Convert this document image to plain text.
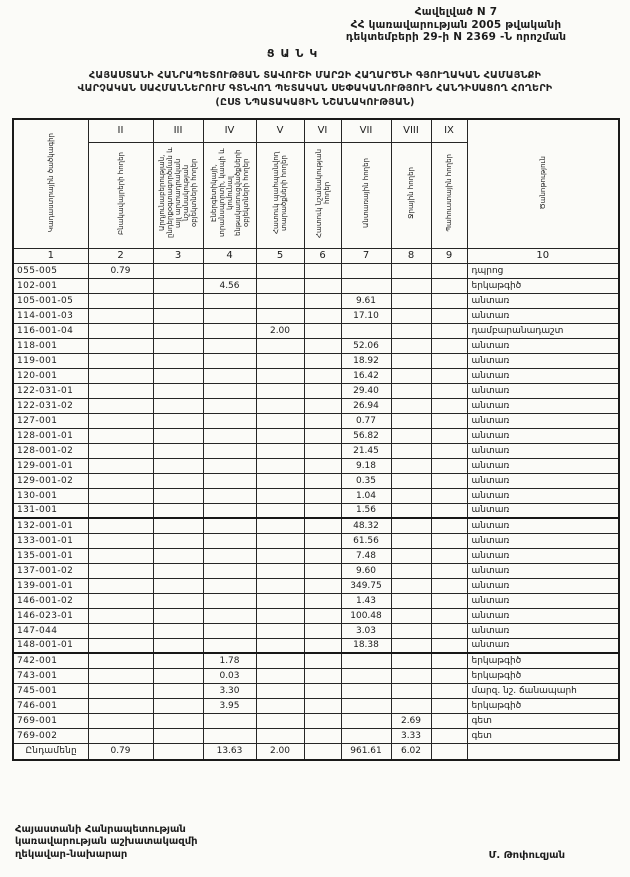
Հավելված N 7
ՀՀ կառավարության 2005 թվականի
դեկտեմբերի 29-ի N 2369 -Ն որոշման
ՑԱՆԿ
ՀԱՅԱՍՏԱՆԻ ՀԱՆՐԱՊԵՏՈՒԹՅԱՆ ՏԱՎՈՒՇԻ ՄԱՐԶԻ ՀԱՂԱՐԾՆԻ ԳՅՈՒՂԱԿԱՆ ՀԱՄԱՅՆՔԻ
ՎԱՐՉԱԿԱՆ ՍԱՀՄԱՆՆԵՐՈՒՄ ԳՏՆՎՈՂ ՊԵՏԱԿԱՆ ՍԵՓԱԿԱՆՈՒԹՅՈՒՆ ՀԱՆԴԻՍԱՑՈՂ ՀՈՂԵՐԻ
(ԸՍՏ ՆՊԱՏԱԿԱՅԻՆ ՆՇԱՆԱԿՈՒԹՅԱՆ)
Կադաստրային ծածկագիր	II	III	IV	V	VI	VII	VIII	IX	Ծանոթություն
	Բնակավայրերի հողեր	Արդյունաբերության, ընդերքօգտագործման և այլ արտադրական նշանակության օբյեկտների հողեր	Էներգետիկայի, տրանսպորտի, կապի և կոմունալ ենթակառուցվածքների օբյեկտների հողեր	Հատուկ պահպանվող տարածքների հողեր	Հատուկ նշանակության հողեր	Անտառային հողեր	Ջրային հողեր	Պահուստային հողեր	
1	2	3	4	5	6	7	8	9	10
055-005	0.79								դպրոց
102-001			4.56						երկաթգիծ
105-001-05						9.61			անտառ
114-001-03						17.10			անտառ
116-001-04				2.00					դամբարանադաշտ
118-001						52.06			անտառ
119-001						18.92			անտառ
120-001						16.42			անտառ
122-031-01						29.40			անտառ
122-031-02						26.94			անտառ
127-001						0.77			անտառ
128-001-01						56.82			անտառ
128-001-02						21.45			անտառ
129-001-01						9.18			անտառ
129-001-02						0.35			անտառ
130-001						1.04			անտառ
131-001						1.56			անտառ
132-001-01						48.32			անտառ
133-001-01						61.56			անտառ
135-001-01						7.48			անտառ
137-001-02						9.60			անտառ
139-001-01						349.75			անտառ
146-001-02						1.43			անտառ
146-023-01						100.48			անտառ
147-044						3.03			անտառ
148-001-01						18.38			անտառ
742-001			1.78						երկաթգիծ
743-001			0.03						երկաթգիծ
745-001			3.30						մարզ. նշ. ճանապարհ
746-001			3.95						երկաթգիծ
769-001							2.69		գետ
769-002							3.33		գետ
Ընդամենը	0.79		13.63	2.00		961.61	6.02		
Հայաստանի Հանրապետության
կառավարության աշխատակազմի
ղեկավար-նախարար	Մ. Թոփուզյան
